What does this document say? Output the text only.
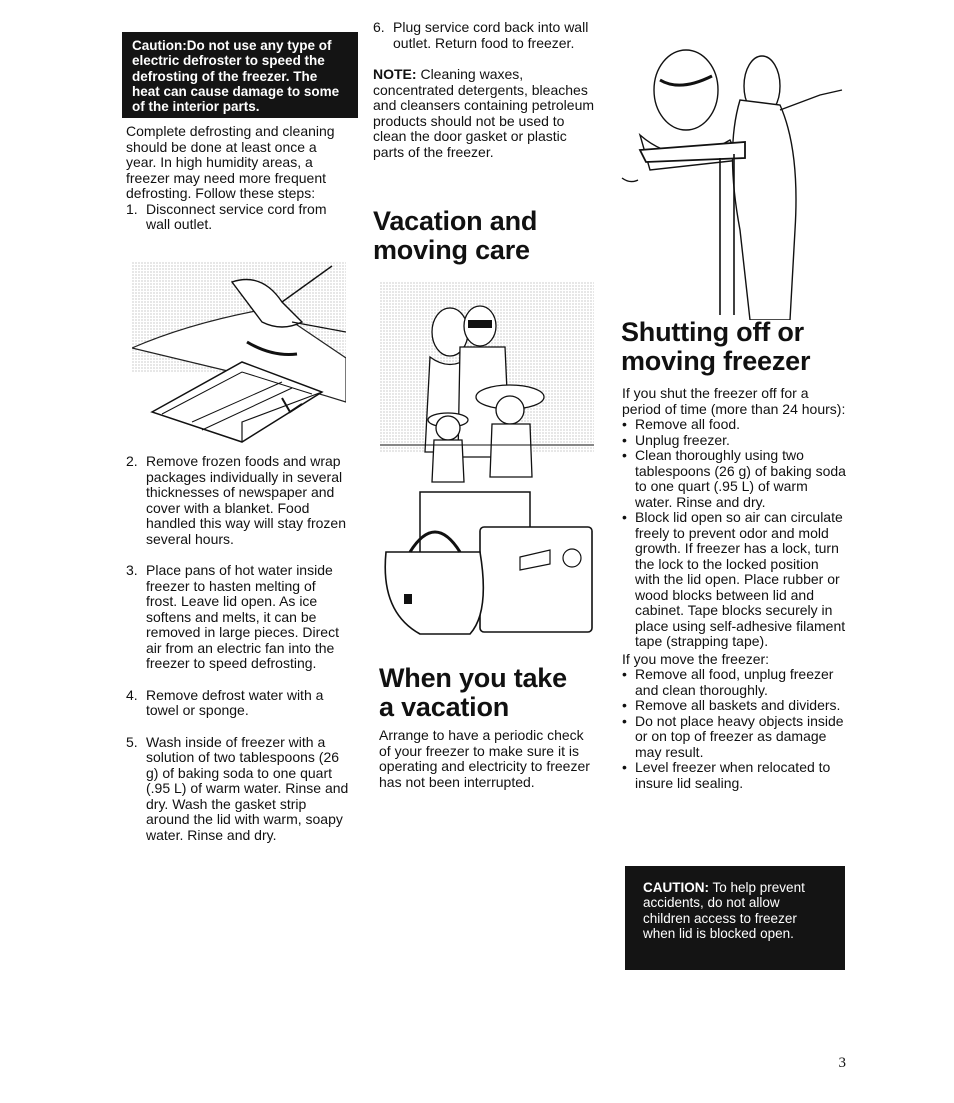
Caution:Do not use any type of electric defroster to speed the defrosting of the freezer. The heat can cause damage to some of the interior parts.

Complete defrosting and cleaning should be done at least once a year. In high humidity areas, a freezer may need more frequent defrosting. Follow these steps:

1. Disconnect service cord from wall outlet.
2. Remove frozen foods and wrap packages individually in several thicknesses of newspaper and cover with a blanket. Food handled this way will stay frozen several hours.
3. Place pans of hot water inside freezer to hasten melting of frost. Leave lid open. As ice softens and melts, it can be removed in large pieces. Direct air from an electric fan into the freezer to speed defrosting.
4. Remove defrost water with a towel or sponge.
5. Wash inside of freezer with a solution of two tablespoons (26 g) of baking soda to one quart (.95 L) of warm water. Rinse and dry. Wash the gasket strip around the lid with warm, soapy water. Rinse and dry.
6. Plug service cord back into wall outlet. Return food to freezer.

NOTE: Cleaning waxes, concentrated detergents, bleaches and cleansers containing petroleum products should not be used to clean the door gasket or plastic parts of the freezer.

Vacation and
moving care
When you take
a vacation

Arrange to have a periodic check of your freezer to make sure it is operating and electricity to freezer has not been interrupted.

Shutting off or
moving freezer

If you shut the freezer off for a period of time (more than 24 hours):

• Remove all food.
• Unplug freezer.
• Clean thoroughly using two tablespoons (26 g) of baking soda to one quart (.95 L) of warm water. Rinse and dry.
• Block lid open so air can circulate freely to prevent odor and mold growth. If freezer has a lock, turn the lock to the locked position with the lid open. Place rubber or wood blocks between lid and cabinet. Tape blocks securely in place using self-adhesive filament tape (strapping tape).

If you move the freezer:

• Remove all food, unplug freezer and clean thoroughly.
• Remove all baskets and dividers.
• Do not place heavy objects inside or on top of freezer as damage may result.
• Level freezer when relocated to insure lid sealing.
CAUTION: To help prevent accidents, do not allow children access to freezer when lid is blocked open.
3
